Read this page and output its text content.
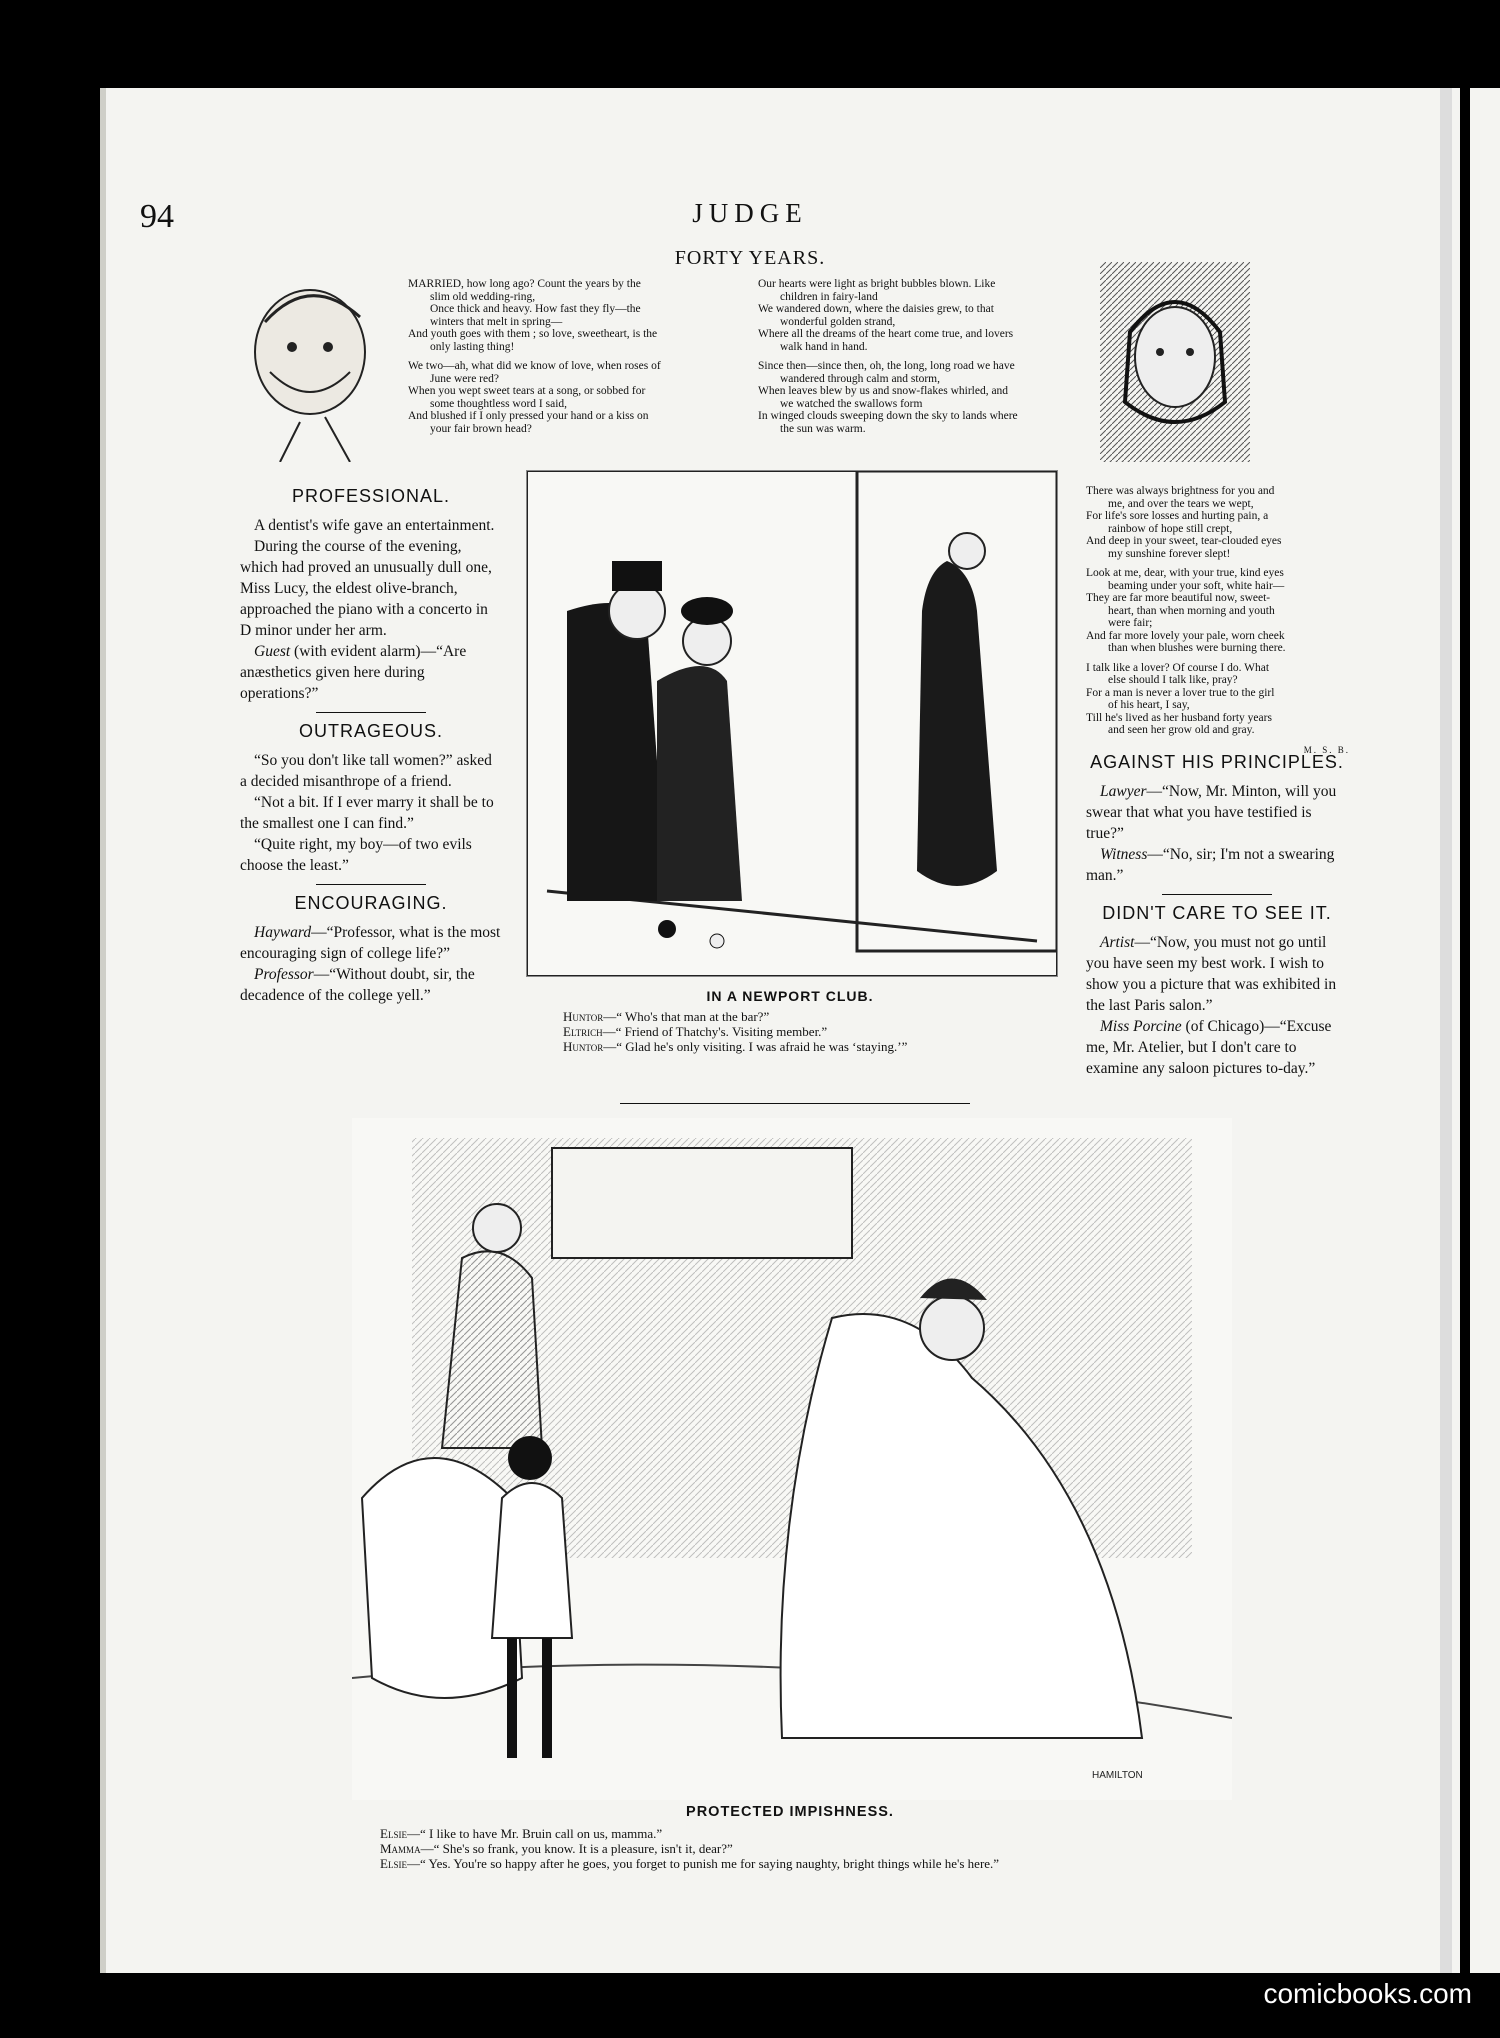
94	JUDGE
FORTY YEARS.

MARRIED, how long ago? Count the years by the
slim old wedding-ring,
Once thick and heavy. How fast they fly—the
winters that melt in spring—
And youth goes with them ; so love, sweetheart, is the
only lasting thing!

We two—ah, what did we know of love, when roses of
June were red?
When you wept sweet tears at a song, or sobbed for
some thoughtless word I said,
And blushed if I only pressed your hand or a kiss on
your fair brown head?

Our hearts were light as bright bubbles blown. Like
children in fairy-land
We wandered down, where the daisies grew, to that
wonderful golden strand,
Where all the dreams of the heart come true, and lovers
walk hand in hand.

Since then—since then, oh, the long, long road we have
wandered through calm and storm,
When leaves blew by us and snow-flakes whirled, and
we watched the swallows form
In winged clouds sweeping down the sky to lands where
the sun was warm.

There was always brightness for you and
me, and over the tears we wept,
For life's sore losses and hurting pain, a
rainbow of hope still crept,
And deep in your sweet, tear-clouded eyes
my sunshine forever slept!

Look at me, dear, with your true, kind eyes
beaming under your soft, white hair—
They are far more beautiful now, sweet-
heart, than when morning and youth
were fair;
And far more lovely your pale, worn cheek
than when blushes were burning there.

I talk like a lover? Of course I do. What
else should I talk like, pray?
For a man is never a lover true to the girl
of his heart, I say,
Till he's lived as her husband forty years
and seen her grow old and gray.

M. S. B.
PROFESSIONAL.

A dentist's wife gave an entertainment.

During the course of the evening, which had proved an unusually dull one, Miss Lucy, the eldest olive-branch, approached the piano with a concerto in D minor under her arm.

Guest (with evident alarm)—“Are anæsthetics given here during operations?”

OUTRAGEOUS.

“So you don't like tall women?” asked a decided misanthrope of a friend.

“Not a bit. If I ever marry it shall be to the smallest one I can find.”

“Quite right, my boy—of two evils choose the least.”

ENCOURAGING.

Hayward—“Professor, what is the most encouraging sign of college life?”

Professor—“Without doubt, sir, the decadence of the college yell.”	IN A NEWPORT CLUB.
Huntor—“ Who's that man at the bar?”
Eltrich—“ Friend of Thatchy's. Visiting member.”
Huntor—“ Glad he's only visiting. I was afraid he was ‘staying.’”
AGAINST HIS PRINCIPLES.

Lawyer—“Now, Mr. Minton, will you swear that what you have testified is true?”

Witness—“No, sir; I'm not a swearing man.”

DIDN'T CARE TO SEE IT.

Artist—“Now, you must not go until you have seen my best work. I wish to show you a picture that was exhibited in the last Paris salon.”

Miss Porcine (of Chicago)—“Excuse me, Mr. Atelier, but I don't care to examine any saloon pictures to-day.”

HAMILTON
PROTECTED IMPISHNESS.
Elsie—“ I like to have Mr. Bruin call on us, mamma.”
Mamma—“ She's so frank, you know. It is a pleasure, isn't it, dear?”
Elsie—“ Yes. You're so happy after he goes, you forget to punish me for saying naughty, bright things while he's here.”
comicbooks.com
